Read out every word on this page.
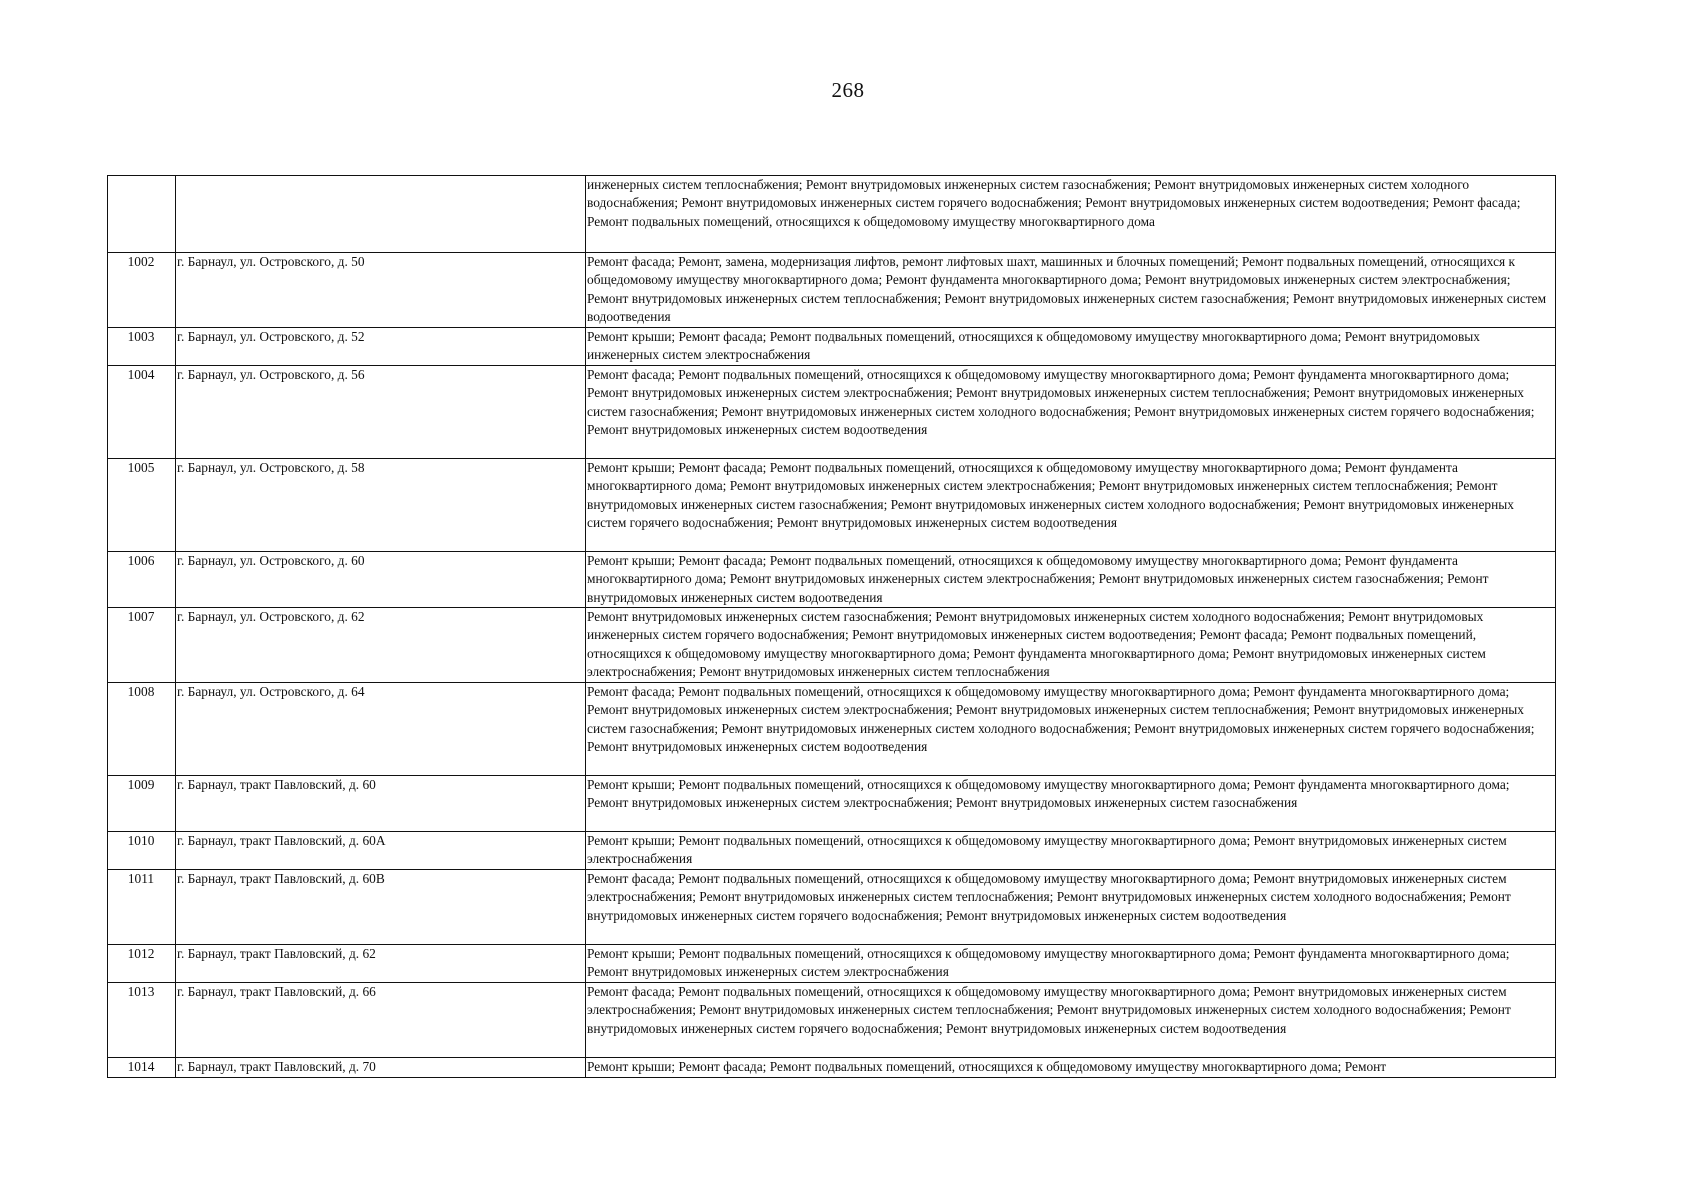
268
		инженерных систем теплоснабжения; Ремонт внутридомовых инженерных систем газоснабжения; Ремонт внутридомовых инженерных систем холодного водоснабжения; Ремонт внутридомовых инженерных систем горячего водоснабжения; Ремонт внутридомовых инженерных систем водоотведения; Ремонт фасада; Ремонт подвальных помещений, относящихся к общедомовому имуществу многоквартирного дома
1002	г. Барнаул, ул. Островского, д. 50	Ремонт фасада; Ремонт, замена, модернизация лифтов, ремонт лифтовых шахт, машинных и блочных помещений; Ремонт подвальных помещений, относящихся к общедомовому имуществу многоквартирного дома; Ремонт фундамента многоквартирного дома; Ремонт внутридомовых инженерных систем электроснабжения; Ремонт внутридомовых инженерных систем теплоснабжения; Ремонт внутридомовых инженерных систем газоснабжения; Ремонт внутридомовых инженерных систем водоотведения
1003	г. Барнаул, ул. Островского, д. 52	Ремонт крыши; Ремонт фасада; Ремонт подвальных помещений, относящихся к общедомовому имуществу многоквартирного дома; Ремонт внутридомовых инженерных систем электроснабжения
1004	г. Барнаул, ул. Островского, д. 56	Ремонт фасада; Ремонт подвальных помещений, относящихся к общедомовому имуществу многоквартирного дома; Ремонт фундамента многоквартирного дома; Ремонт внутридомовых инженерных систем электроснабжения; Ремонт внутридомовых инженерных систем теплоснабжения; Ремонт внутридомовых инженерных систем газоснабжения; Ремонт внутридомовых инженерных систем холодного водоснабжения; Ремонт внутридомовых инженерных систем горячего водоснабжения; Ремонт внутридомовых инженерных систем водоотведения
1005	г. Барнаул, ул. Островского, д. 58	Ремонт крыши; Ремонт фасада; Ремонт подвальных помещений, относящихся к общедомовому имуществу многоквартирного дома; Ремонт фундамента многоквартирного дома; Ремонт внутридомовых инженерных систем электроснабжения; Ремонт внутридомовых инженерных систем теплоснабжения; Ремонт внутридомовых инженерных систем газоснабжения; Ремонт внутридомовых инженерных систем холодного водоснабжения; Ремонт внутридомовых инженерных систем горячего водоснабжения; Ремонт внутридомовых инженерных систем водоотведения
1006	г. Барнаул, ул. Островского, д. 60	Ремонт крыши; Ремонт фасада; Ремонт подвальных помещений, относящихся к общедомовому имуществу многоквартирного дома; Ремонт фундамента многоквартирного дома; Ремонт внутридомовых инженерных систем электроснабжения; Ремонт внутридомовых инженерных систем газоснабжения; Ремонт внутридомовых инженерных систем водоотведения
1007	г. Барнаул, ул. Островского, д. 62	Ремонт внутридомовых инженерных систем газоснабжения; Ремонт внутридомовых инженерных систем холодного водоснабжения; Ремонт внутридомовых инженерных систем горячего водоснабжения; Ремонт внутридомовых инженерных систем водоотведения; Ремонт фасада; Ремонт подвальных помещений, относящихся к общедомовому имуществу многоквартирного дома; Ремонт фундамента многоквартирного дома; Ремонт внутридомовых инженерных систем электроснабжения; Ремонт внутридомовых инженерных систем теплоснабжения
1008	г. Барнаул, ул. Островского, д. 64	Ремонт фасада; Ремонт подвальных помещений, относящихся к общедомовому имуществу многоквартирного дома; Ремонт фундамента многоквартирного дома; Ремонт внутридомовых инженерных систем электроснабжения; Ремонт внутридомовых инженерных систем теплоснабжения; Ремонт внутридомовых инженерных систем газоснабжения; Ремонт внутридомовых инженерных систем холодного водоснабжения; Ремонт внутридомовых инженерных систем горячего водоснабжения; Ремонт внутридомовых инженерных систем водоотведения
1009	г. Барнаул, тракт Павловский, д. 60	Ремонт крыши; Ремонт подвальных помещений, относящихся к общедомовому имуществу многоквартирного дома; Ремонт фундамента многоквартирного дома; Ремонт внутридомовых инженерных систем электроснабжения; Ремонт внутридомовых инженерных систем газоснабжения
1010	г. Барнаул, тракт Павловский, д. 60А	Ремонт крыши; Ремонт подвальных помещений, относящихся к общедомовому имуществу многоквартирного дома; Ремонт внутридомовых инженерных систем электроснабжения
1011	г. Барнаул, тракт Павловский, д. 60В	Ремонт фасада; Ремонт подвальных помещений, относящихся к общедомовому имуществу многоквартирного дома; Ремонт внутридомовых инженерных систем электроснабжения; Ремонт внутридомовых инженерных систем теплоснабжения; Ремонт внутридомовых инженерных систем холодного водоснабжения; Ремонт внутридомовых инженерных систем горячего водоснабжения; Ремонт внутридомовых инженерных систем водоотведения
1012	г. Барнаул, тракт Павловский, д. 62	Ремонт крыши; Ремонт подвальных помещений, относящихся к общедомовому имуществу многоквартирного дома; Ремонт фундамента многоквартирного дома; Ремонт внутридомовых инженерных систем электроснабжения
1013	г. Барнаул, тракт Павловский, д. 66	Ремонт фасада; Ремонт подвальных помещений, относящихся к общедомовому имуществу многоквартирного дома; Ремонт внутридомовых инженерных систем электроснабжения; Ремонт внутридомовых инженерных систем теплоснабжения; Ремонт внутридомовых инженерных систем холодного водоснабжения; Ремонт внутридомовых инженерных систем горячего водоснабжения; Ремонт внутридомовых инженерных систем водоотведения
1014	г. Барнаул, тракт Павловский, д. 70	Ремонт крыши; Ремонт фасада; Ремонт подвальных помещений, относящихся к общедомовому имуществу многоквартирного дома; Ремонт
